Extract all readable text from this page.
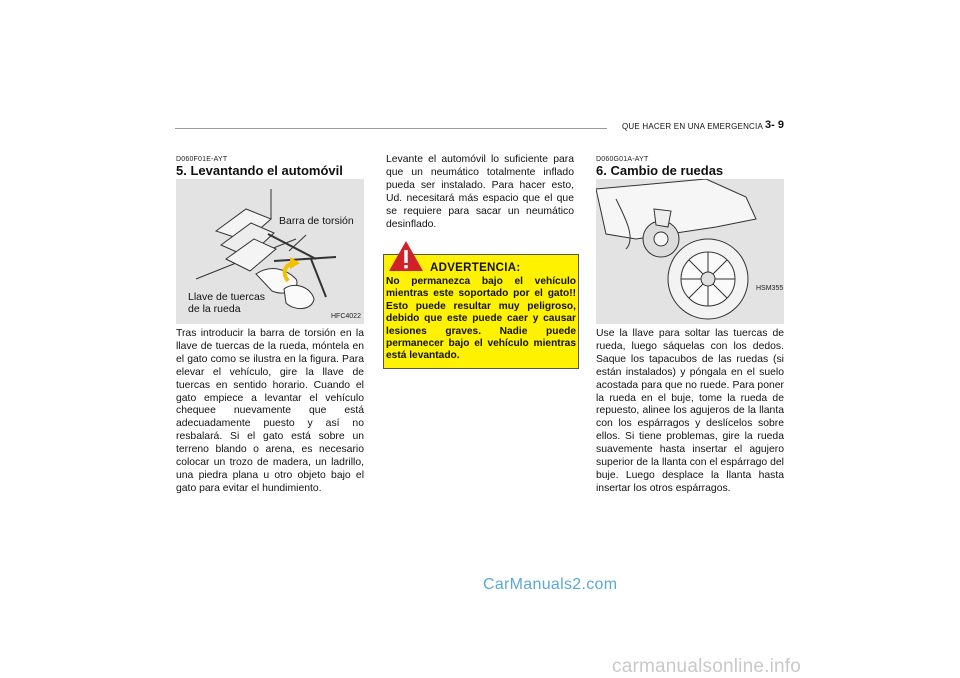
QUE HACER EN UNA EMERGENCIA 3- 9
D060F01E-AYT
5. Levantando el automóvil
Barra de torsión
Llave de tuercas
de la rueda
HFC4022
Tras introducir la barra de torsión en la llave de tuercas de la rueda, móntela en el gato como se ilustra en la figura. Para elevar el vehículo, gire la llave de tuercas en sentido horario. Cuando el gato empiece a levantar el vehículo chequee nuevamente que está adecuadamente puesto y así no resbalará. Si el gato está sobre un terreno blando o arena, es necesario colocar un trozo de madera, un ladrillo, una piedra plana u otro objeto bajo el gato para evitar el hundimiento.
Levante el automóvil lo suficiente para que un neumático totalmente inflado pueda ser instalado. Para hacer esto, Ud. necesitará más espacio que el que se requiere para sacar un neumático desinflado.
ADVERTENCIA:
No permanezca bajo el vehículo mientras este soportado por el gato!! Esto puede resultar muy peligroso, debido que este puede caer y causar lesiones graves. Nadie puede permanecer bajo el vehículo mientras está levantado.
D060G01A-AYT
6. Cambio de ruedas
HSM355
Use la llave para soltar las tuercas de rueda, luego sáquelas con los dedos. Saque los tapacubos de las ruedas (si están instalados) y póngala en el suelo acostada para que no ruede. Para poner la rueda en el buje, tome la rueda de repuesto, alinee los agujeros de la llanta con los espárragos y deslícelos sobre ellos. Si tiene problemas, gire la rueda suavemente hasta insertar el agujero superior de la llanta con el espárrago del buje. Luego desplace la llanta hasta insertar los otros espárragos.
CarManuals2.com
carmanualsonline.info
